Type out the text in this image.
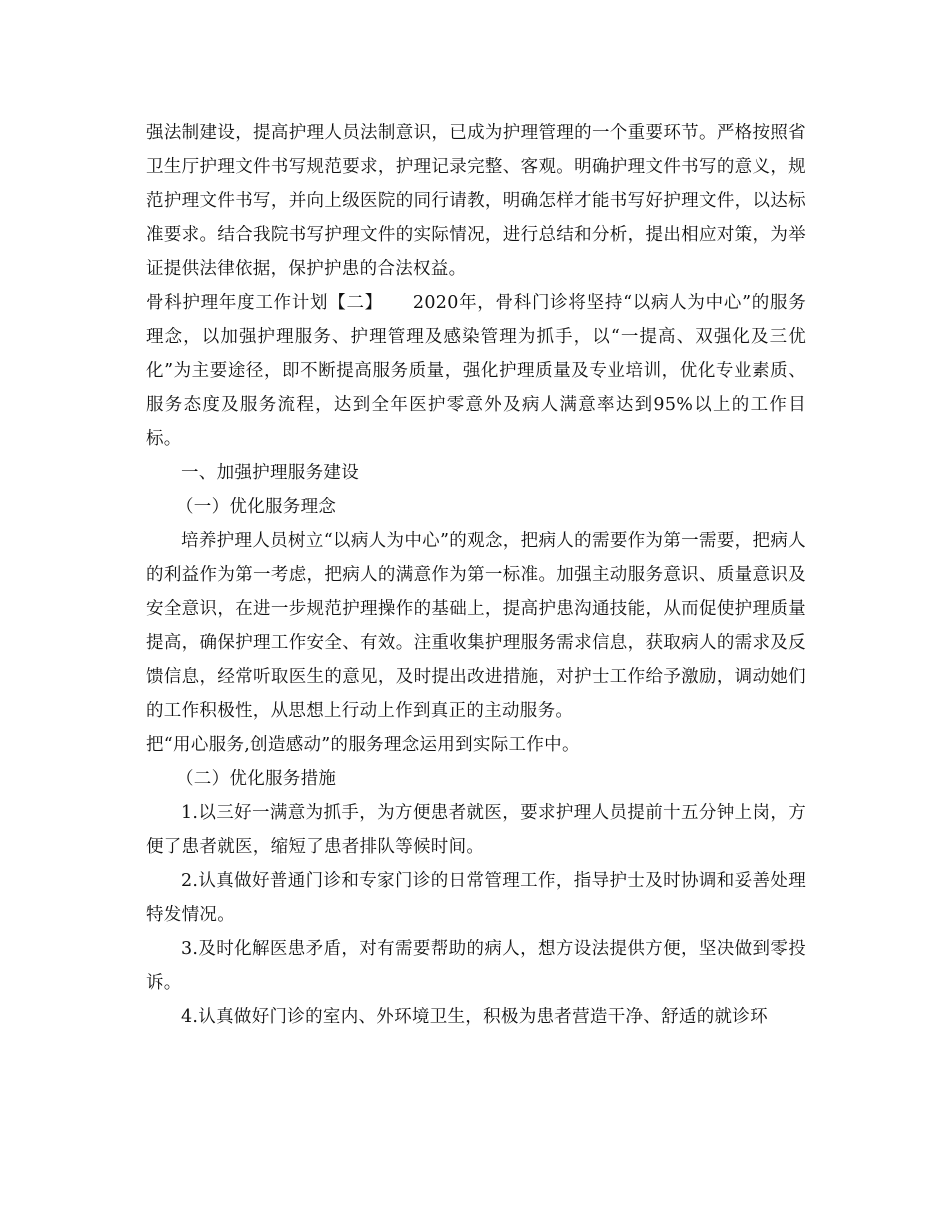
强法制建设，提高护理人员法制意识，已成为护理管理的一个重要环节。严格按照省卫生厅护理文件书写规范要求，护理记录完整、客观。明确护理文件书写的意义，规范护理文件书写，并向上级医院的同行请教，明确怎样才能书写好护理文件，以达标准要求。结合我院书写护理文件的实际情况，进行总结和分析，提出相应对策，为举证提供法律依据，保护护患的合法权益。

骨科护理年度工作计划【二】 2020年，骨科门诊将坚持“以病人为中心”的服务理念，以加强护理服务、护理管理及感染管理为抓手，以“一提高、双强化及三优化”为主要途径，即不断提高服务质量，强化护理质量及专业培训，优化专业素质、服务态度及服务流程，达到全年医护零意外及病人满意率达到95%以上的工作目标。

一、加强护理服务建设

（一）优化服务理念

培养护理人员树立“以病人为中心”的观念，把病人的需要作为第一需要，把病人的利益作为第一考虑，把病人的满意作为第一标准。加强主动服务意识、质量意识及安全意识，在进一步规范护理操作的基础上，提高护患沟通技能，从而促使护理质量提高，确保护理工作安全、有效。注重收集护理服务需求信息，获取病人的需求及反馈信息，经常听取医生的意见，及时提出改进措施，对护士工作给予激励，调动她们的工作积极性，从思想上行动上作到真正的主动服务。

把“用心服务,创造感动”的服务理念运用到实际工作中。

（二）优化服务措施

1.以三好一满意为抓手，为方便患者就医，要求护理人员提前十五分钟上岗，方便了患者就医，缩短了患者排队等候时间。

2.认真做好普通门诊和专家门诊的日常管理工作，指导护士及时协调和妥善处理特发情况。

3.及时化解医患矛盾，对有需要帮助的病人，想方设法提供方便，坚决做到零投诉。

4.认真做好门诊的室内、外环境卫生，积极为患者营造干净、舒适的就诊环
